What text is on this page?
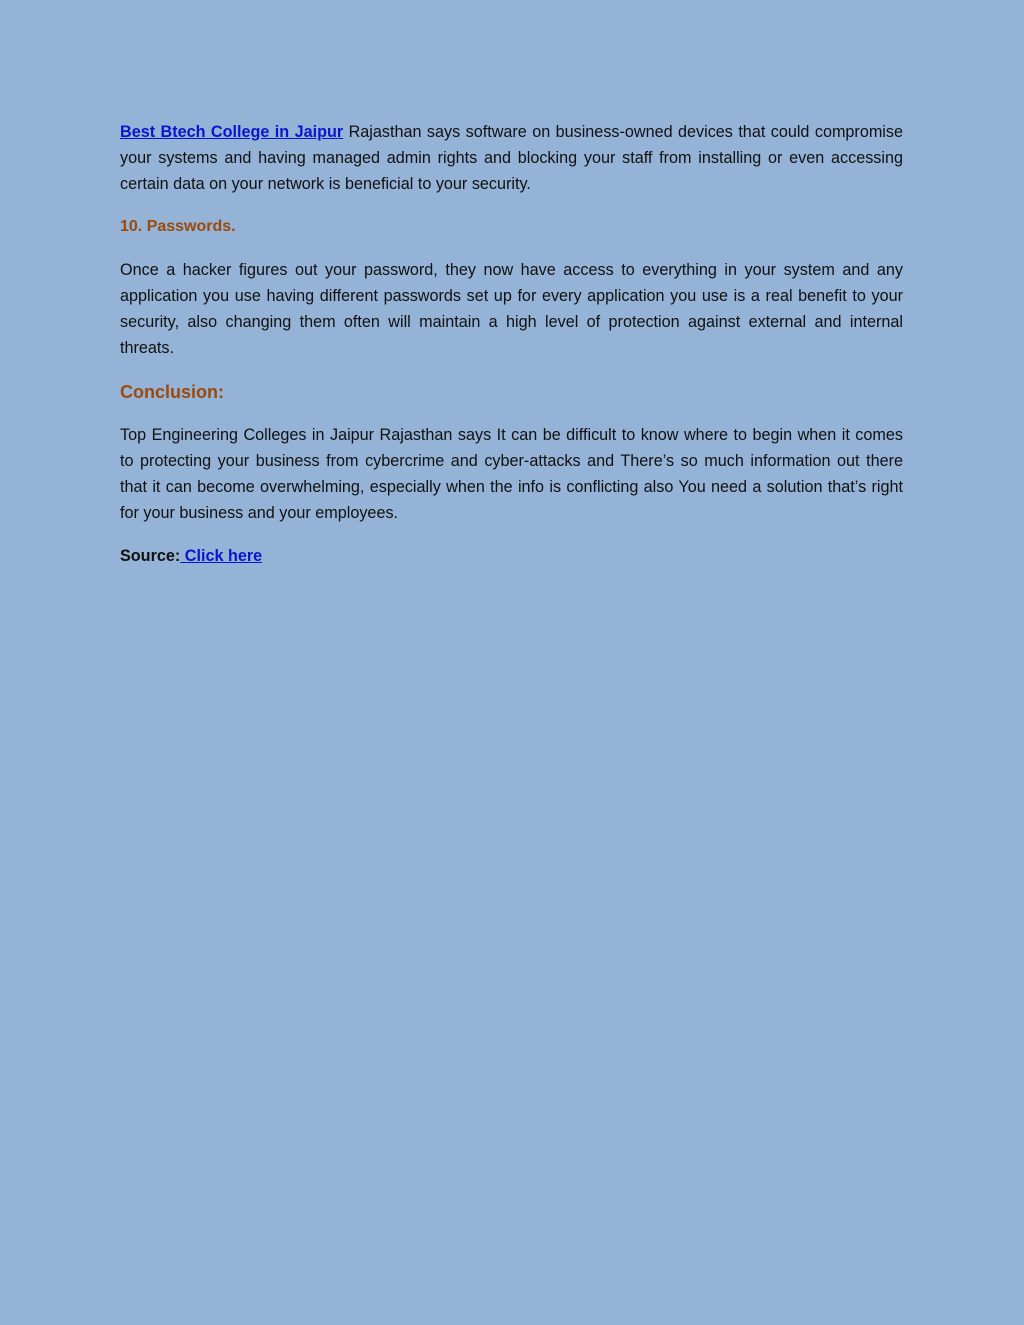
Best Btech College in Jaipur Rajasthan says software on business-owned devices that could compromise your systems and having managed admin rights and blocking your staff from installing or even accessing certain data on your network is beneficial to your security.

10. Passwords.

Once a hacker figures out your password, they now have access to everything in your system and any application you use having different passwords set up for every application you use is a real benefit to your security, also changing them often will maintain a high level of protection against external and internal threats.

Conclusion:

Top Engineering Colleges in Jaipur Rajasthan says It can be difficult to know where to begin when it comes to protecting your business from cybercrime and cyber-attacks and There’s so much information out there that it can become overwhelming, especially when the info is conflicting also You need a solution that’s right for your business and your employees.

Source: Click here
